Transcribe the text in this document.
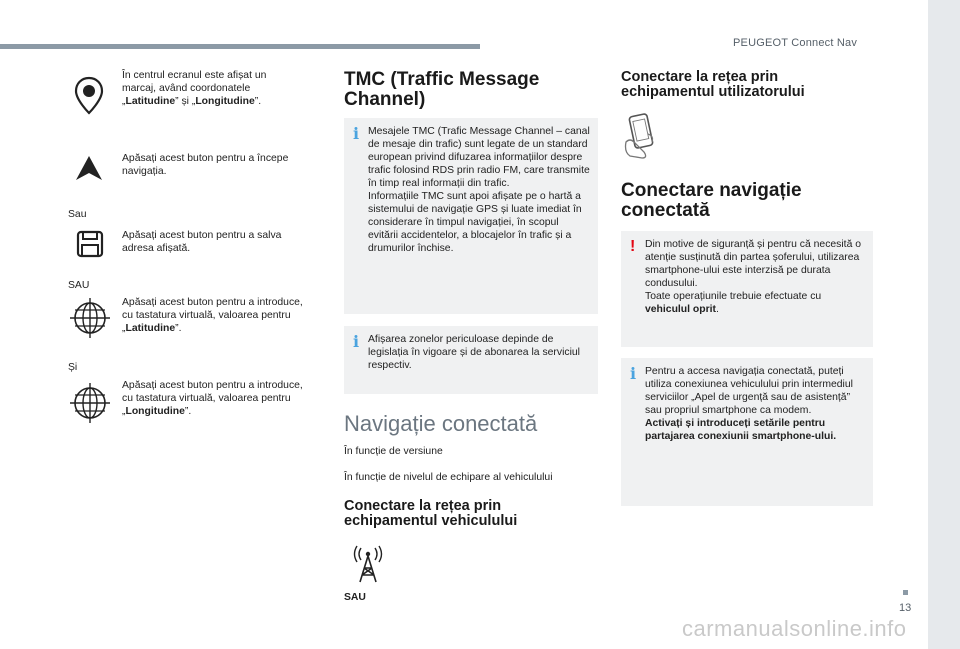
PEUGEOT Connect Nav
13
carmanualsonline.info
În centrul ecranul este afișat un marcaj, având coordonatele „Latitudine” și „Longitudine”.
Apăsați acest buton pentru a începe navigația.
Sau
Apăsați acest buton pentru a salva adresa afișată.
SAU
Apăsați acest buton pentru a introduce, cu tastatura virtuală, valoarea pentru „Latitudine”.
Și
Apăsați acest buton pentru a introduce, cu tastatura virtuală, valoarea pentru „Longitudine”.
TMC (Traffic Message Channel)
i Mesajele TMC (Trafic Message Channel – canal de mesaje din trafic) sunt legate de un standard european privind difuzarea informațiilor despre trafic folosind RDS prin radio FM, care transmite în timp real informații din trafic.
Informațiile TMC sunt apoi afișate pe o hartă a sistemului de navigație GPS și luate imediat în considerare în timpul navigației, în scopul evitării accidentelor, a blocajelor în trafic și a drumurilor închise.
i Afișarea zonelor periculoase depinde de legislația în vigoare și de abonarea la serviciul respectiv.
Navigație conectată
În funcție de versiune
În funcție de nivelul de echipare al vehiculului
Conectare la rețea prin echipamentul vehiculului
SAU
Conectare la rețea prin echipamentul utilizatorului
Conectare navigație conectată
! Din motive de siguranță și pentru că necesită o atenție susținută din partea șoferului, utilizarea smartphone-ului este interzisă pe durata condusului.
Toate operațiunile trebuie efectuate cu vehiculul oprit.
i Pentru a accesa navigația conectată, puteți utiliza conexiunea vehiculului prin intermediul serviciilor „Apel de urgență sau de asistență” sau propriul smartphone ca modem.
Activați și introduceți setările pentru partajarea conexiunii smartphone-ului.
